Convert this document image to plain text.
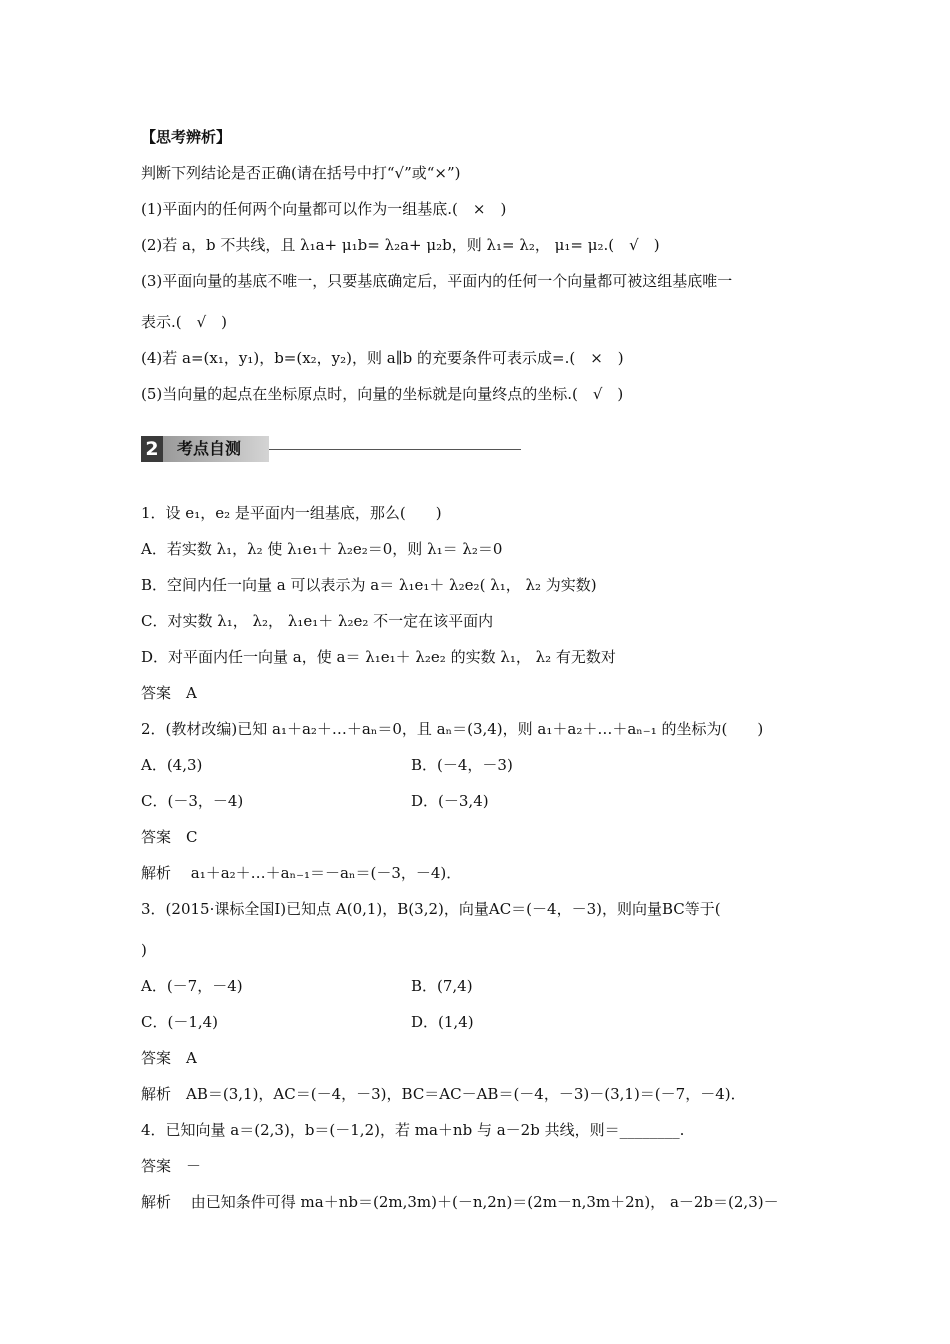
【思考辨析】
判断下列结论是否正确(请在括号中打“√”或“×”)
(1)平面内的任何两个向量都可以作为一组基底.(　×　)
(2)若 a，b 不共线，且 λ₁a+ μ₁b= λ₂a+ μ₂b，则 λ₁= λ₂， μ₁= μ₂.(　√　)
(3)平面向量的基底不唯一，只要基底确定后，平面内的任何一个向量都可被这组基底唯一
表示.(　√　)
(4)若 a=(x₁，y₁)，b=(x₂，y₂)，则 a∥b 的充要条件可表示成=.(　×　)
(5)当向量的起点在坐标原点时，向量的坐标就是向量终点的坐标.(　√　)
2 考点自测
1．设 e₁，e₂ 是平面内一组基底，那么(　　)
A．若实数 λ₁，λ₂ 使 λ₁e₁＋ λ₂e₂＝0，则 λ₁＝ λ₂＝0
B．空间内任一向量 a 可以表示为 a＝ λ₁e₁＋ λ₂e₂( λ₁， λ₂ 为实数)
C．对实数 λ₁， λ₂， λ₁e₁＋ λ₂e₂ 不一定在该平面内
D．对平面内任一向量 a，使 a＝ λ₁e₁＋ λ₂e₂ 的实数 λ₁， λ₂ 有无数对
答案　A
2．(教材改编)已知 a₁＋a₂＋…＋aₙ＝0，且 aₙ＝(3,4)，则 a₁＋a₂＋…＋aₙ₋₁ 的坐标为(　　)
A．(4,3)	B．(－4，－3)
C．(－3，－4)	D．(－3,4)
答案　C
解析　 a₁＋a₂＋…＋aₙ₋₁＝－aₙ＝(－3，－4)．
3．(2015·课标全国Ⅰ)已知点 A(0,1)，B(3,2)，向量AC＝(－4，－3)，则向量BC等于(
)
A．(－7，－4)	B．(7,4)
C．(－1,4)	D．(1,4)
答案　A
解析　AB＝(3,1)，AC＝(－4，－3)，BC＝AC－AB＝(－4，－3)－(3,1)＝(－7，－4)．
4．已知向量 a＝(2,3)，b＝(－1,2)，若 ma＋nb 与 a－2b 共线，则＝________.
答案　－
解析　 由已知条件可得 ma＋nb＝(2m,3m)＋(－n,2n)＝(2m－n,3m＋2n)， a－2b＝(2,3)－
